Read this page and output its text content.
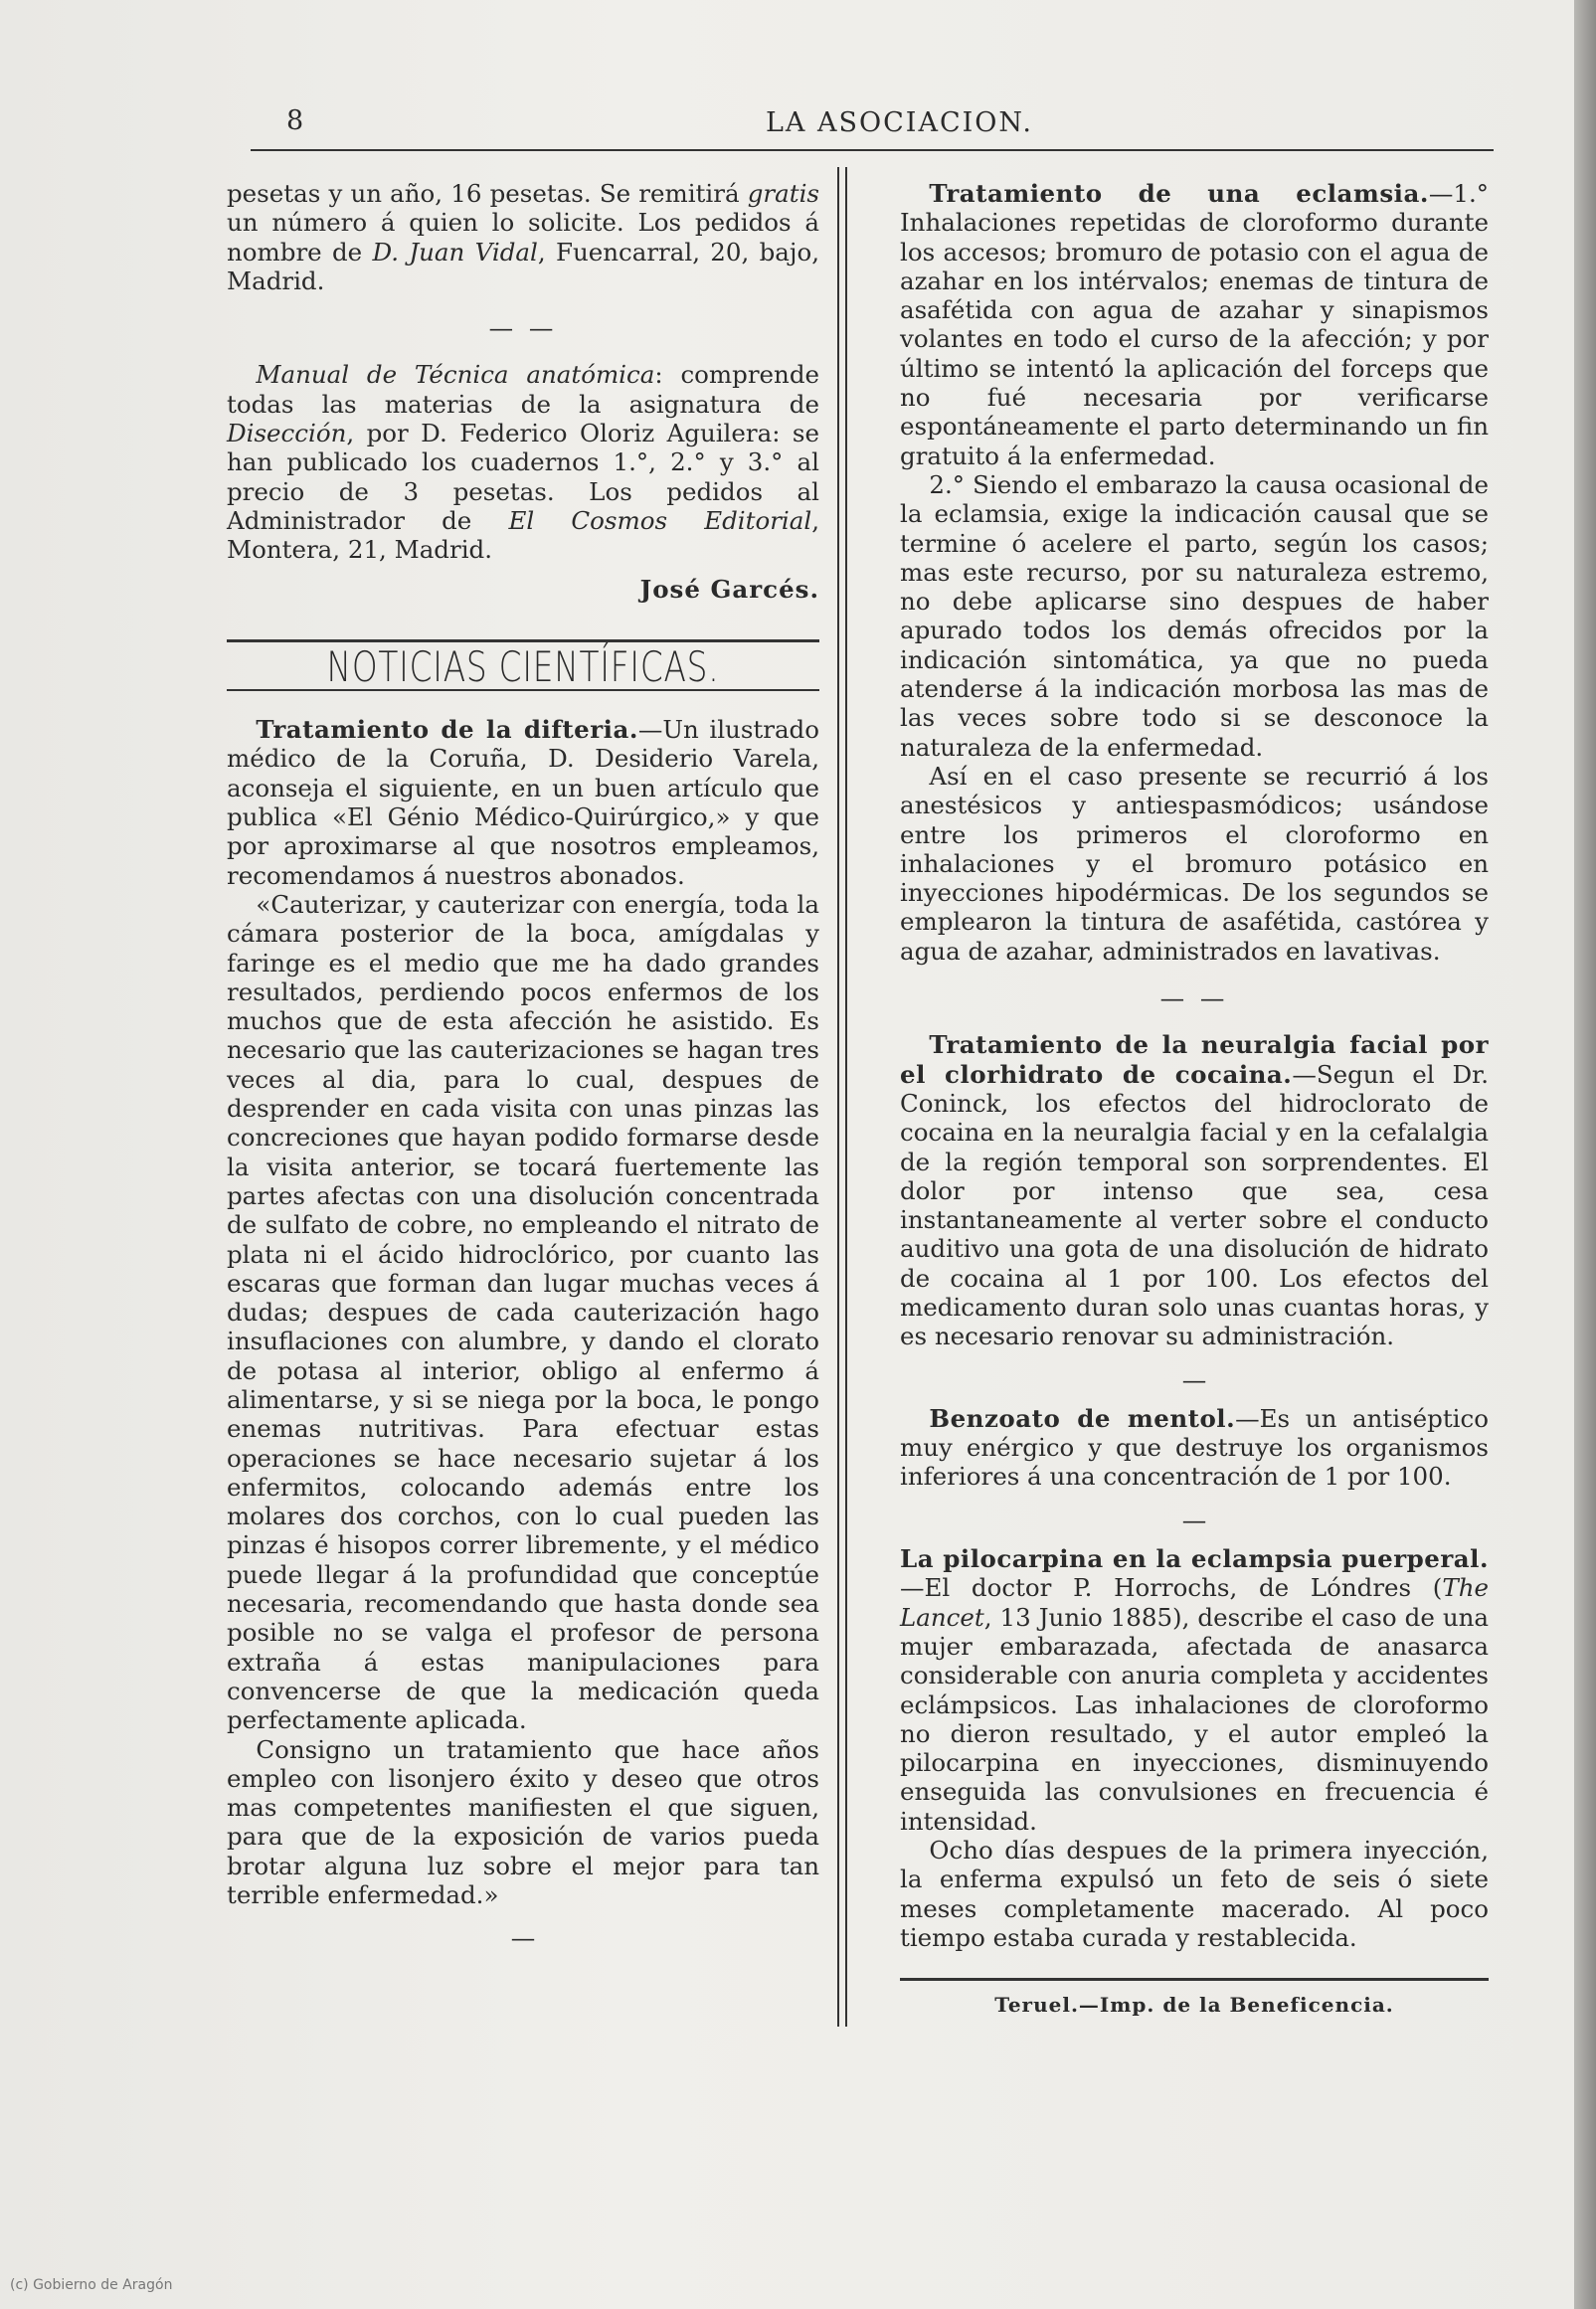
8	LA ASOCIACION.

pesetas y un año, 16 pesetas. Se remitirá gratis un número á quien lo solicite. Los pedidos á nombre de D. Juan Vidal, Fuencarral, 20, bajo, Madrid.

— —

Manual de Técnica anatómica: comprende todas las materias de la asignatura de Disección, por D. Federico Oloriz Aguilera: se han publicado los cuadernos 1.°, 2.° y 3.° al precio de 3 pesetas. Los pedidos al Administrador de El Cosmos Editorial, Montera, 21, Madrid.

José Garcés.
NOTICIAS CIENTÍFICAS.

Tratamiento de la difteria.—Un ilustrado médico de la Coruña, D. Desiderio Varela, aconseja el siguiente, en un buen artículo que publica «El Génio Médico-Quirúrgico,» y que por aproximarse al que nosotros empleamos, recomendamos á nuestros abonados.

«Cauterizar, y cauterizar con energía, toda la cámara posterior de la boca, amígdalas y faringe es el medio que me ha dado grandes resultados, perdiendo pocos enfermos de los muchos que de esta afección he asistido. Es necesario que las cauterizaciones se hagan tres veces al dia, para lo cual, despues de desprender en cada visita con unas pinzas las concreciones que hayan podido formarse desde la visita anterior, se tocará fuertemente las partes afectas con una disolución concentrada de sulfato de cobre, no empleando el nitrato de plata ni el ácido hidroclórico, por cuanto las escaras que forman dan lugar muchas veces á dudas; despues de cada cauterización hago insuflaciones con alumbre, y dando el clorato de potasa al interior, obligo al enfermo á alimentarse, y si se niega por la boca, le pongo enemas nutritivas. Para efectuar estas operaciones se hace necesario sujetar á los enfermitos, colocando además entre los molares dos corchos, con lo cual pueden las pinzas é hisopos correr libremente, y el médico puede llegar á la profundidad que conceptúe necesaria, recomendando que hasta donde sea posible no se valga el profesor de persona extraña á estas manipulaciones para convencerse de que la medicación queda perfectamente aplicada.

Consigno un tratamiento que hace años empleo con lisonjero éxito y deseo que otros mas competentes manifiesten el que siguen, para que de la exposición de varios pueda brotar alguna luz sobre el mejor para tan terrible enfermedad.»

—

Tratamiento de una eclamsia.—1.° Inhalaciones repetidas de cloroformo durante los accesos; bromuro de potasio con el agua de azahar en los intérvalos; enemas de tintura de asafétida con agua de azahar y sinapismos volantes en todo el curso de la afección; y por último se intentó la aplicación del forceps que no fué necesaria por verificarse espontáneamente el parto determinando un fin gratuito á la enfermedad.

2.° Siendo el embarazo la causa ocasional de la eclamsia, exige la indicación causal que se termine ó acelere el parto, según los casos; mas este recurso, por su naturaleza estremo, no debe aplicarse sino despues de haber apurado todos los demás ofrecidos por la indicación sintomática, ya que no pueda atenderse á la indicación morbosa las mas de las veces sobre todo si se desconoce la naturaleza de la enfermedad.

Así en el caso presente se recurrió á los anestésicos y antiespasmódicos; usándose entre los primeros el cloroformo en inhalaciones y el bromuro potásico en inyecciones hipodérmicas. De los segundos se emplearon la tintura de asafétida, castórea y agua de azahar, administrados en lavativas.

— —

Tratamiento de la neuralgia facial por el clorhidrato de cocaina.—Segun el Dr. Coninck, los efectos del hidroclorato de cocaina en la neuralgia facial y en la cefalalgia de la región temporal son sorprendentes. El dolor por intenso que sea, cesa instantaneamente al verter sobre el conducto auditivo una gota de una disolución de hidrato de cocaina al 1 por 100. Los efectos del medicamento duran solo unas cuantas horas, y es necesario renovar su administración.

—

Benzoato de mentol.—Es un antiséptico muy enérgico y que destruye los organismos inferiores á una concentración de 1 por 100.

—

La pilocarpina en la eclampsia puerperal.—El doctor P. Horrochs, de Lóndres (The Lancet, 13 Junio 1885), describe el caso de una mujer embarazada, afectada de anasarca considerable con anuria completa y accidentes eclámpsicos. Las inhalaciones de cloroformo no dieron resultado, y el autor empleó la pilocarpina en inyecciones, disminuyendo enseguida las convulsiones en frecuencia é intensidad.

Ocho días despues de la primera inyección, la enferma expulsó un feto de seis ó siete meses completamente macerado. Al poco tiempo estaba curada y restablecida.

Teruel.—Imp. de la Beneficencia.
(c) Gobierno de Aragón
